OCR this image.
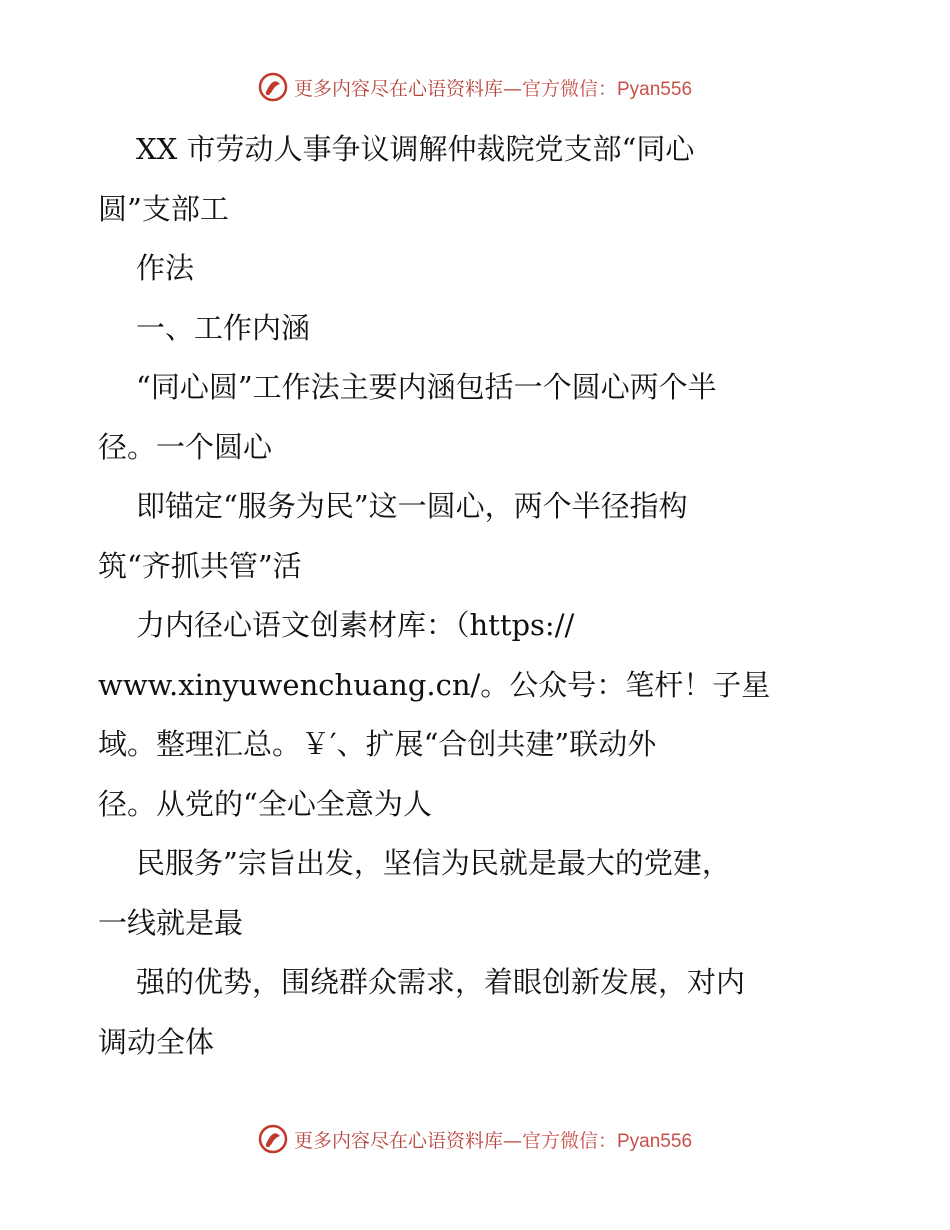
更多内容尽在心语资料库— 官方微信：Pyan556
XX 市劳动人事争议调解仲裁院党支部“同心
圆”支部工
作法
一、工作内涵
“同心圆”工作法主要内涵包括一个圆心两个半
径。一个圆心
即锚定“服务为民”这一圆心，两个半径指构
筑“齐抓共管”活
力内径心语文创素材库：（https://
www.xinyuwenchuang.cn/。公众号：笔杆！子星
域。整理汇总。￥′、扩展“合创共建”联动外
径。从党的“全心全意为人
民服务”宗旨出发，坚信为民就是最大的党建，
一线就是最
强的优势，围绕群众需求，着眼创新发展，对内
调动全体
更多内容尽在心语资料库— 官方微信：Pyan556
